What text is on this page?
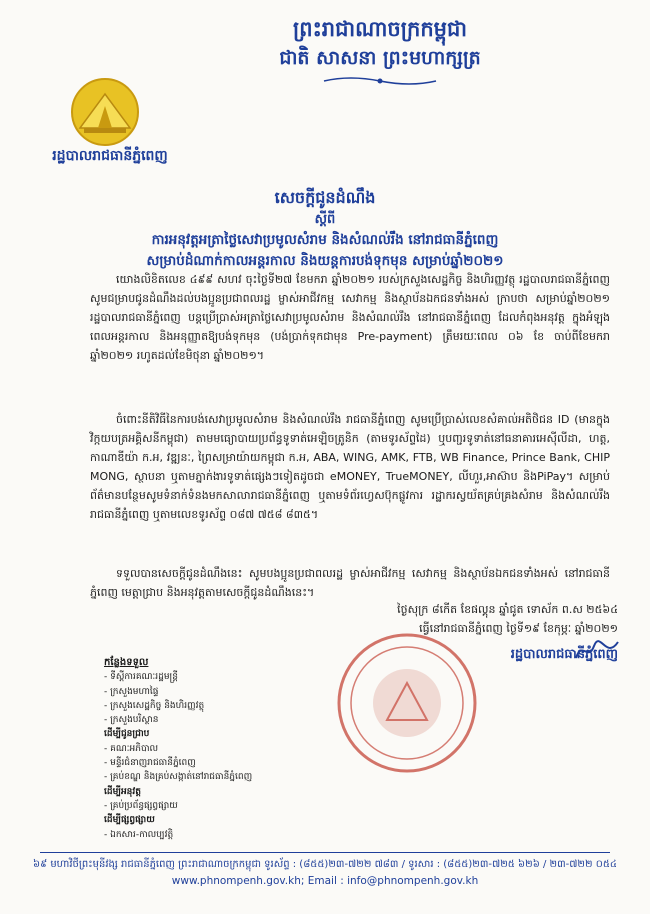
ព្រះរាជាណាចក្រកម្ពុជា
ជាតិ សាសនា ព្រះមហាក្សត្រ
រដ្ឋបាលរាជធានីភ្នំពេញ
សេចក្តីជូនដំណឹង
ស្តីពី
ការអនុវត្តអត្រាថ្លៃសេវាប្រមូលសំរាម និងសំណល់រឹង នៅរាជធានីភ្នំពេញ
សម្រាប់ដំណាក់កាលអន្តរកាល និងយន្តការបង់ទុកមុន សម្រាប់ឆ្នាំ២០២១
យោងលិខិតលេខ ៤៩៩ សហវ ចុះថ្ងៃទី២៧ ខែមករា ឆ្នាំ២០២១ របស់ក្រសួងសេដ្ឋកិច្ច និងហិរញ្ញវត្ថុ រដ្ឋបាលរាជធានីភ្នំពេញ សូមជម្រាបជូនដំណឹងដល់បងប្អូនប្រជាពលរដ្ឋ ម្ចាស់អាជីវកម្ម សេវាកម្ម និងស្ថាប័នឯកជនទាំងអស់ ក្រាបថា សម្រាប់ឆ្នាំ២០២១ រដ្ឋបាលរាជធានីភ្នំពេញ បន្តប្រើប្រាស់អត្រាថ្លៃសេវាប្រមូលសំរាម និងសំណល់រឹង នៅរាជធានីភ្នំពេញ ដែលកំពុងអនុវត្ត ក្នុងអំឡុងពេលអន្តរកាល និងអនុញ្ញាតឱ្យបង់ទុកមុន (បង់ប្រាក់ទុកជាមុន Pre-payment) ត្រឹមរយៈពេល ០៦ ខែ ចាប់ពីខែមករា ឆ្នាំ២០២១ រហូតដល់ខែមិថុនា ឆ្នាំ២០២១។
ចំពោះនីតិវិធីនៃការបង់សេវាប្រមូលសំរាម និងសំណល់រឹង រាជធានីភ្នំពេញ សូមប្រើប្រាស់លេខសំគាល់អតិថិជន ID (មានក្នុងវិក្កយបត្រអគ្គិសនីកម្ពុជា) តាមមធ្យោបាយប្រព័ន្ធទូទាត់អេឡិចត្រូនិក (តាមទូរស័ព្ទដៃ) ឬបញ្ជរទូទាត់នៅធនាគារអេស៊ីលីដា, ហត្ត, កាណាឌីយ៉ា ក.អ, វឌ្ឍនៈ, ព្រៃសម្រាយ៉ាយកម្ពុជា ក.អ, ABA, WING, AMK, FTB, WB Finance, Prince Bank, CHIP MONG, ស្ថាបនា ឬតាមភ្នាក់ងារទូទាត់ផ្សេងៗទៀតដូចជា eMONEY, TrueMONEY, លីហួរ,អាស៊ាប និងPiPay។ សម្រាប់ព័ត៌មានបន្ថែមសូមទំនាក់ទំនងមកសាលារាជធានីភ្នំពេញ ឬតាមទំព័រហ្វេសប៊ុកផ្លូវការ រដ្ឋាករស្វយ័តគ្រប់គ្រងសំរាម និងសំណល់រឹង រាជធានីភ្នំពេញ ឬតាមលេខទូរស័ព្ទ ០៨៧ ៧៥៨ ៨៣៥។
ទទួលបានសេចក្តីជូនដំណឹងនេះ សូមបងប្អូនប្រជាពលរដ្ឋ ម្ចាស់អាជីវកម្ម សេវាកម្ម និងស្ថាប័នឯកជនទាំងអស់ នៅរាជធានីភ្នំពេញ មេត្តាជ្រាប និងអនុវត្តតាមសេចក្តីជូនដំណឹងនេះ។
ថ្ងៃសុក្រ ៨កើត ខែផល្គុន ឆ្នាំជូត ទោស័ក ព.ស ២៥៦៤
ធ្វើនៅរាជធានីភ្នំពេញ ថ្ងៃទី១៩ ខែកុម្ភៈ ឆ្នាំ២០២១
រដ្ឋបាលរាជធានីភ្នំពេញ
កន្លែងទទួល
- ទីស្តីការគណៈរដ្ឋមន្ត្រី
- ក្រសួងមហាផ្ទៃ
- ក្រសួងសេដ្ឋកិច្ច និងហិរញ្ញវត្ថុ
- ក្រសួងបរិស្ថាន
ដើម្បីជូនជ្រាប
- គណៈអភិបាល
- មន្ទីរជំនាញរាជធានីភ្នំពេញ
- គ្រប់ខណ្ឌ និងគ្រប់សង្កាត់នៅរាជធានីភ្នំពេញ
ដើម្បីអនុវត្ត
- គ្រប់ប្រព័ន្ធផ្សព្វផ្សាយ
ដើម្បីផ្សព្វផ្សាយ
- ឯកសារ-កាលប្បវត្តិ
៦៩ មហាវិថីព្រះមុនីវង្ស រាជធានីភ្នំពេញ ព្រះរាជាណាចក្រកម្ពុជា ទូរស័ព្ទ : (៨៥៥)២៣-៧២២ ៧៨៣ / ទូរសារ : (៨៥៥)២៣-៧២៥ ៦២៦ / ២៣-៧២២ ០៥៤
www.phnompenh.gov.kh; Email : info@phnompenh.gov.kh
